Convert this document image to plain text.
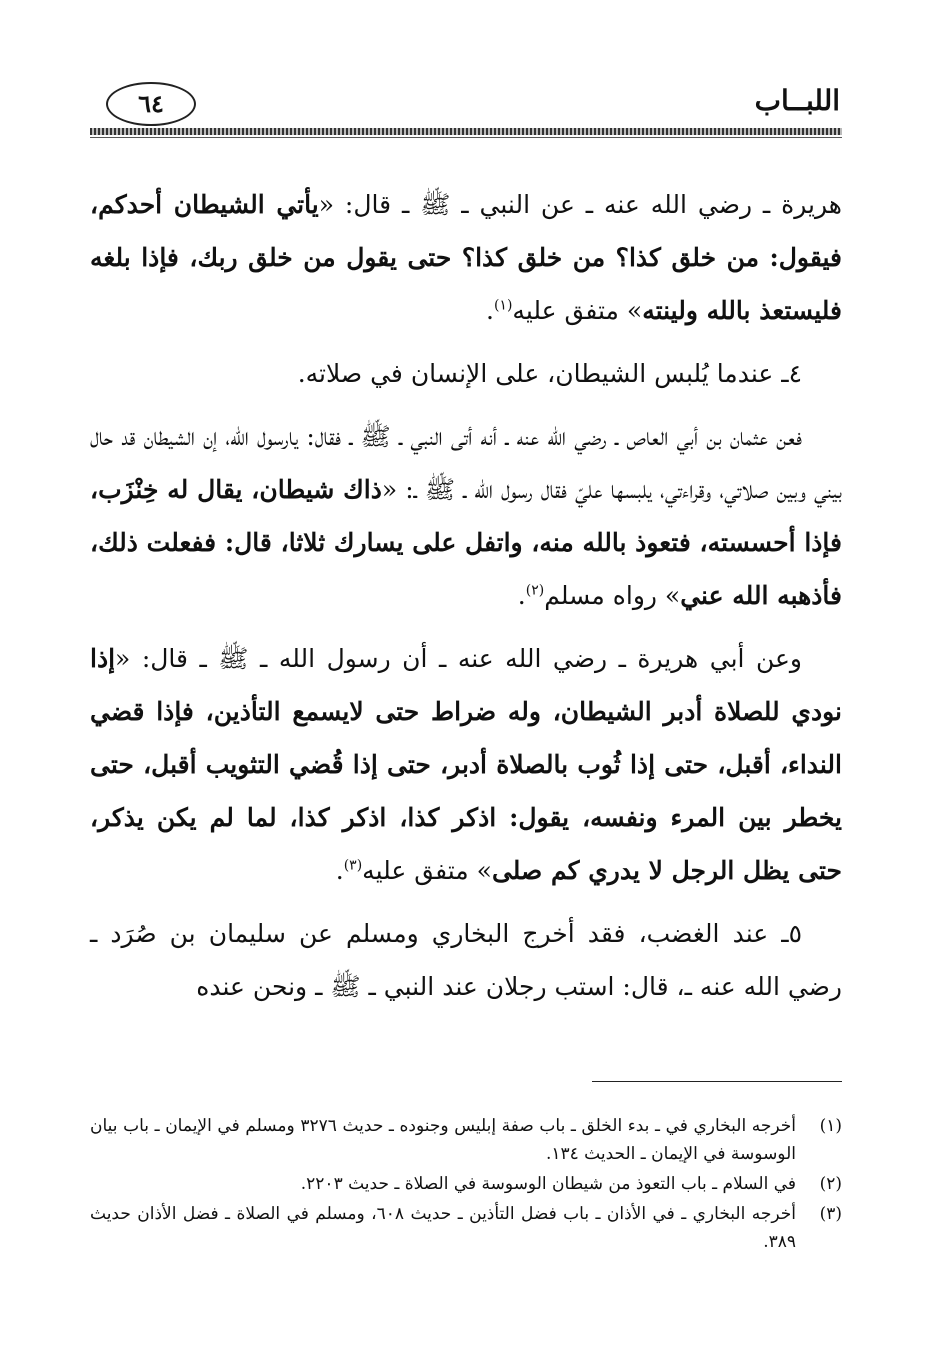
٦٤	اللبــاب

هريرة ـ رضي الله عنه ـ عن النبي ـ ﷺ ـ قال: «يأتي الشيطان أحدكم، فيقول: من خلق كذا؟ من خلق كذا؟ حتى يقول من خلق ربك، فإذا بلغه فليستعذ بالله ولينته» متفق عليه$^{(١)}$.

٤ـ عندما يُلبس الشيطان، على الإنسان في صلاته.

فعن عثمان بن أبي العاص ـ رضي الله عنه ـ أنه أتى النبي ـ ﷺ ـ فقال: يارسول الله، إن الشيطان قد حال بيني وبين صلاتي، وقراءتي، يلبسها عليّ فقال رسول الله ـ ﷺ ـ: «ذاك شيطان، يقال له خِنْزَب، فإذا أحسسته، فتعوذ بالله منه، واتفل على يسارك ثلاثا، قال: ففعلت ذلك، فأذهبه الله عني» رواه مسلم$^{(٢)}$.

وعن أبي هريرة ـ رضي الله عنه ـ أن رسول الله ـ ﷺ ـ قال: «إذا نودي للصلاة أدبر الشيطان، وله ضراط حتى لايسمع التأذين، فإذا قضي النداء، أقبل، حتى إذا ثُوب بالصلاة أدبر، حتى إذا قُضي التثويب أقبل، حتى يخطر بين المرء ونفسه، يقول: اذكر كذا، اذكر كذا، لما لم يكن يذكر، حتى يظل الرجل لا يدري كم صلى» متفق عليه$^{(٣)}$.

٥ـ عند الغضب، فقد أخرج البخاري ومسلم عن سليمان بن صُرَد ـ رضي الله عنه ـ، قال: استب رجلان عند النبي ـ ﷺ ـ ونحن عنده

(١)
أخرجه البخاري في ـ بدء الخلق ـ باب صفة إبليس وجنوده ـ حديث ٣٢٧٦ ومسلم في الإيمان ـ باب بيان الوسوسة في الإيمان ـ الحديث ١٣٤.
(٢)
في السلام ـ باب التعوذ من شيطان الوسوسة في الصلاة ـ حديث ٢٢٠٣.
(٣)
أخرجه البخاري ـ في الأذان ـ باب فضل التأذين ـ حديث ٦٠٨، ومسلم في الصلاة ـ فضل الأذان حديث ٣٨٩.
